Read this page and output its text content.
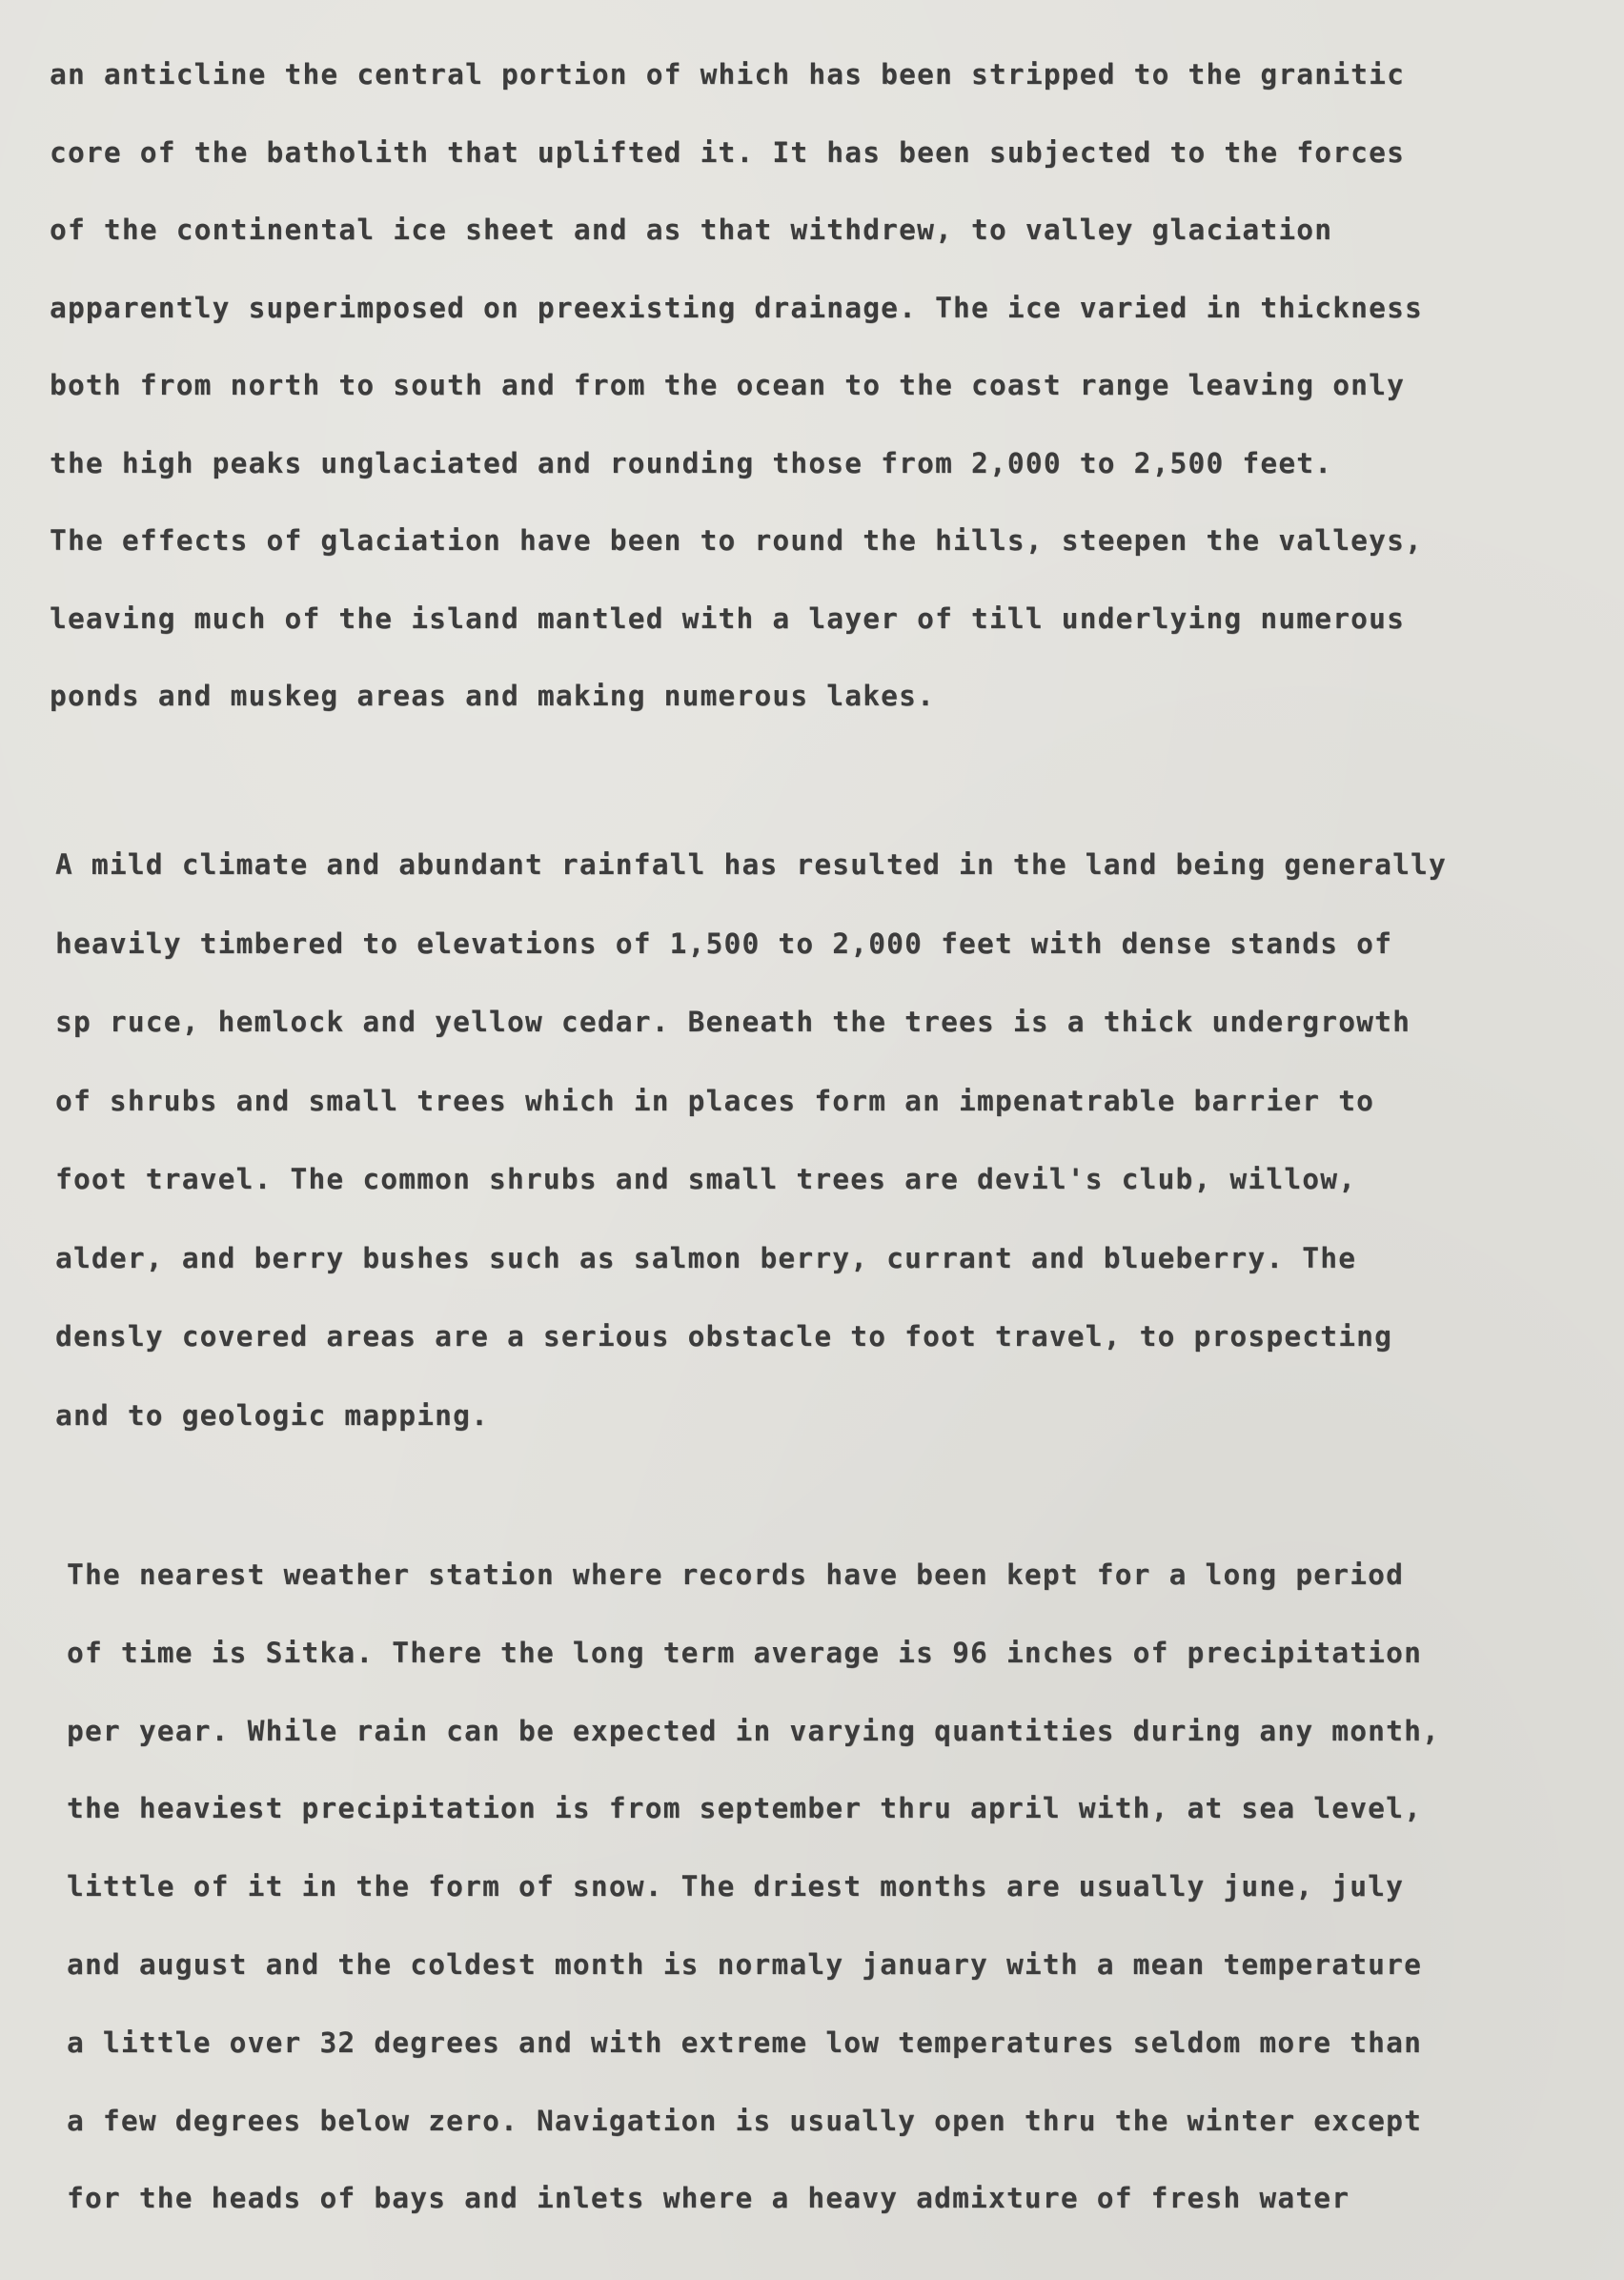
an anticline the central portion of which has been stripped to the granitic
core of the batholith that uplifted it. It has been subjected to the forces
of the continental ice sheet and as that withdrew, to valley glaciation
apparently superimposed on preexisting drainage. The ice varied in thickness
both from north to south and from the ocean to the coast range leaving only
the high peaks unglaciated and rounding those from 2,000 to 2,500 feet.
The effects of glaciation have been to round the hills, steepen the valleys,
leaving much of the island mantled with a layer of till underlying numerous
ponds and muskeg areas and making numerous lakes.
A mild climate and abundant rainfall has resulted in the land being generally
heavily timbered to elevations of 1,500 to 2,000 feet with dense stands of
sp ruce, hemlock and yellow cedar. Beneath the trees is a thick undergrowth
of shrubs and small trees which in places form an impenatrable barrier to
foot travel. The common shrubs and small trees are devil's club, willow,
alder, and berry bushes such as salmon berry, currant and blueberry. The
densly covered areas are a serious obstacle to foot travel, to prospecting
and to geologic mapping.
The nearest weather station where records have been kept for a long period
of time is Sitka. There the long term average is 96 inches of precipitation
per year. While rain can be expected in varying quantities during any month,
the heaviest precipitation is from september thru april with, at sea level,
little of it in the form of snow. The driest months are usually june, july
and august and the coldest month is normaly january with a mean temperature
a little over 32 degrees and with extreme low temperatures seldom more than
a few degrees below zero. Navigation is usually open thru the winter except
for the heads of bays and inlets where a heavy admixture of fresh water
